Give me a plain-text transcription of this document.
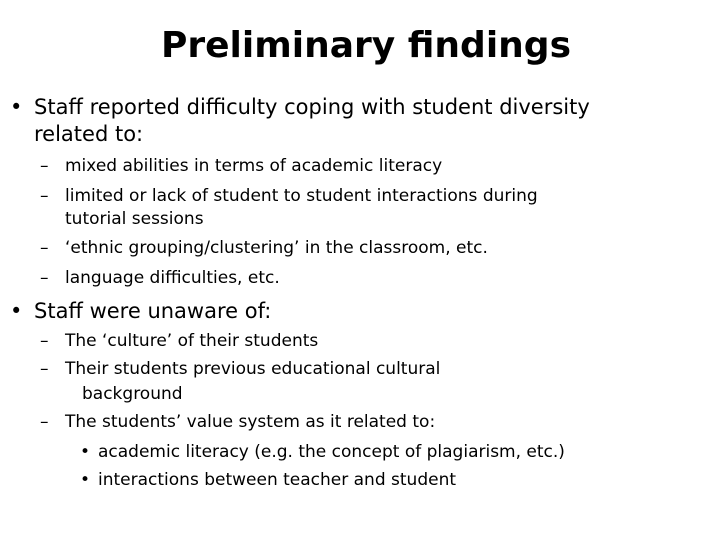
Preliminary findings
• Staff reported difficulty coping with student diversity
related to:
– mixed abilities in terms of academic literacy
– limited or lack of student to student interactions during
tutorial sessions
– ‘ethnic grouping/clustering’ in the classroom, etc.
– language difficulties, etc.
• Staff were unaware of:
– The ‘culture’ of their students
– Their students previous educational cultural
background
– The students’ value system as it related to:
• academic literacy (e.g. the concept of plagiarism, etc.)
• interactions between teacher and student
